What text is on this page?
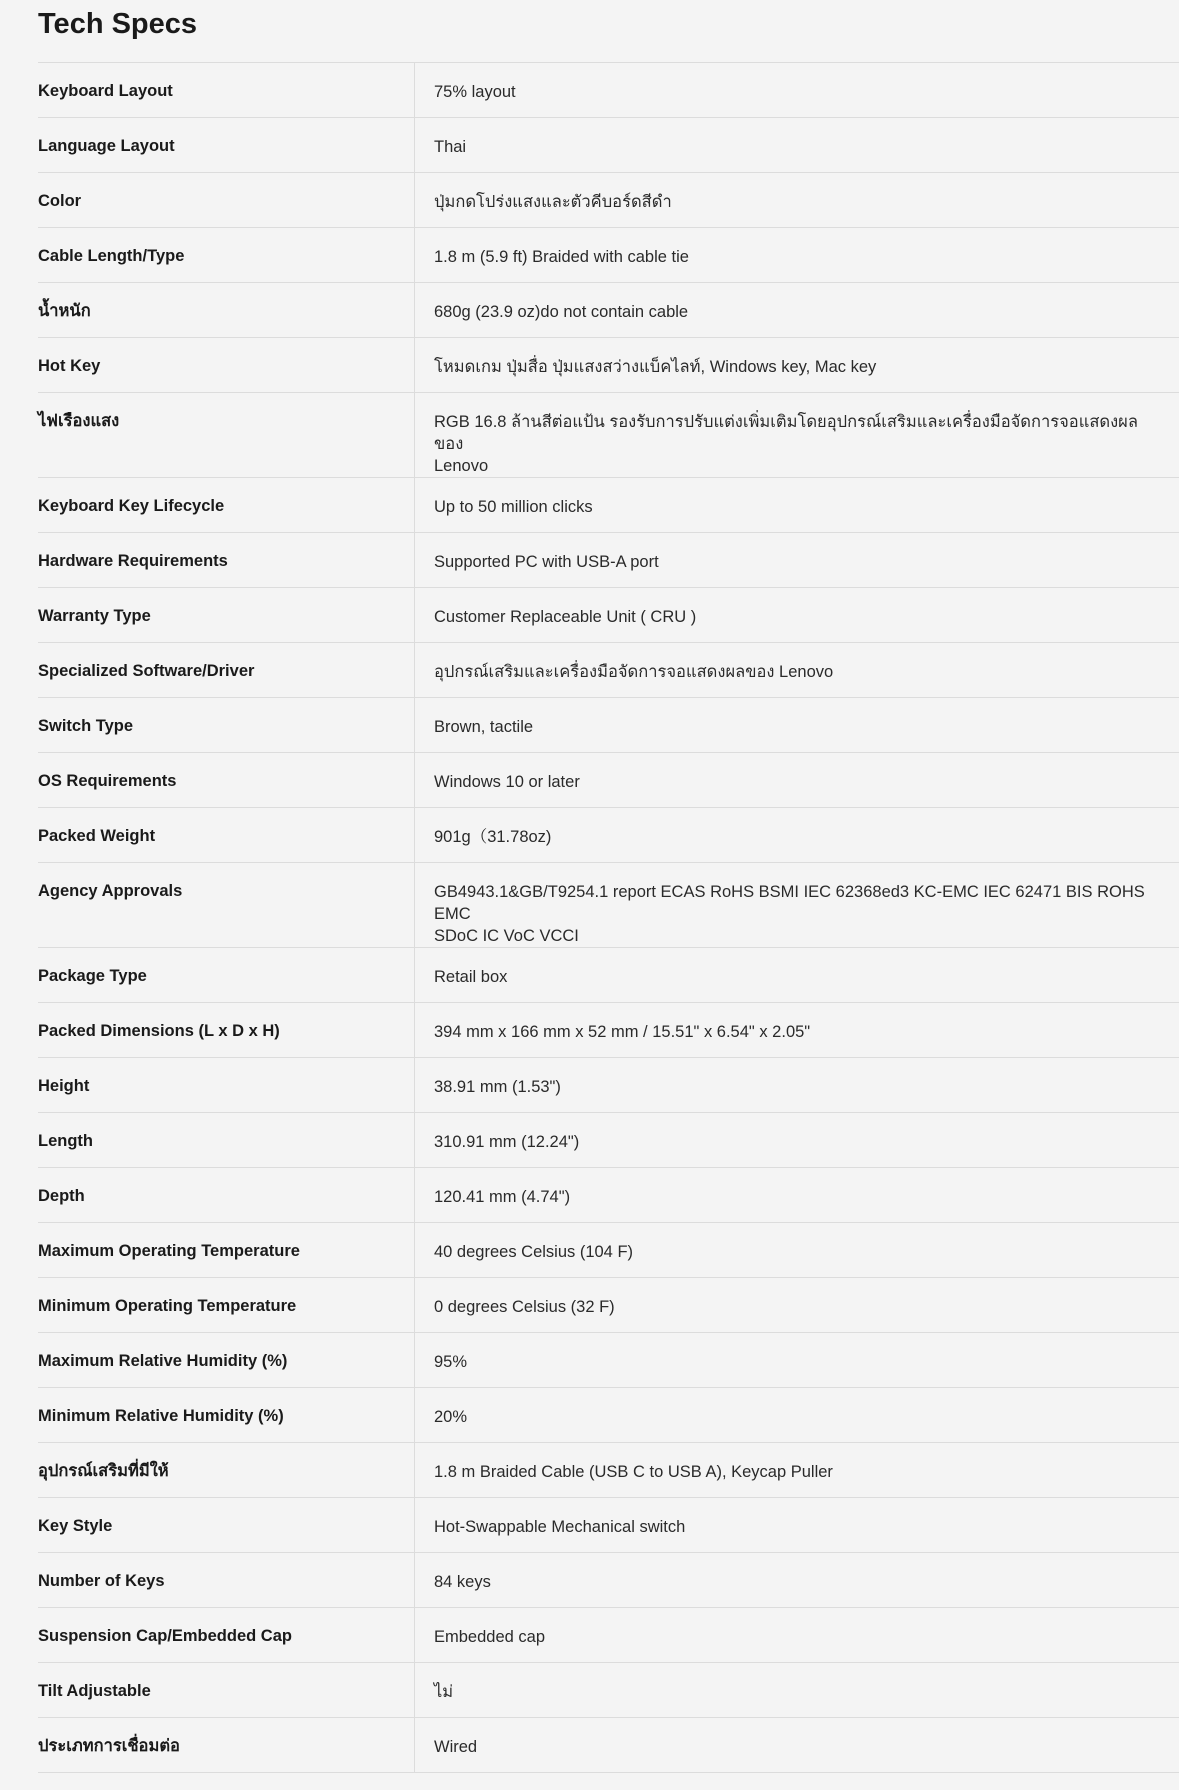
Tech Specs
Keyboard Layout	75% layout
Language Layout	Thai
Color	ปุ่มกดโปร่งแสงและตัวคีบอร์ดสีดำ
Cable Length/Type	1.8 m (5.9 ft) Braided with cable tie
น้ำหนัก	680g (23.9 oz)do not contain cable
Hot Key	โหมดเกม ปุ่มสื่อ ปุ่มแสงสว่างแบ็คไลท์, Windows key, Mac key
ไฟเรืองแสง	RGB 16.8 ล้านสีต่อแป้น รองรับการปรับแต่งเพิ่มเติมโดยอุปกรณ์เสริมและเครื่องมือจัดการจอแสดงผลของ
Lenovo
Keyboard Key Lifecycle	Up to 50 million clicks
Hardware Requirements	Supported PC with USB-A port
Warranty Type	Customer Replaceable Unit ( CRU )
Specialized Software/Driver	อุปกรณ์เสริมและเครื่องมือจัดการจอแสดงผลของ Lenovo
Switch Type	Brown, tactile
OS Requirements	Windows 10 or later
Packed Weight	901g（31.78oz)
Agency Approvals	GB4943.1&GB/T9254.1 report ECAS RoHS BSMI IEC 62368ed3 KC-EMC IEC 62471 BIS ROHS EMC
SDoC IC VoC VCCI
Package Type	Retail box
Packed Dimensions (L x D x H)	394 mm x 166 mm x 52 mm / 15.51" x 6.54" x 2.05"
Height	38.91 mm (1.53")
Length	310.91 mm (12.24")
Depth	120.41 mm (4.74")
Maximum Operating Temperature	40 degrees Celsius (104 F)
Minimum Operating Temperature	0 degrees Celsius (32 F)
Maximum Relative Humidity (%)	95%
Minimum Relative Humidity (%)	20%
อุปกรณ์เสริมที่มีให้	1.8 m Braided Cable (USB C to USB A), Keycap Puller
Key Style	Hot-Swappable Mechanical switch
Number of Keys	84 keys
Suspension Cap/Embedded Cap	Embedded cap
Tilt Adjustable	ไม่
ประเภทการเชื่อมต่อ	Wired
